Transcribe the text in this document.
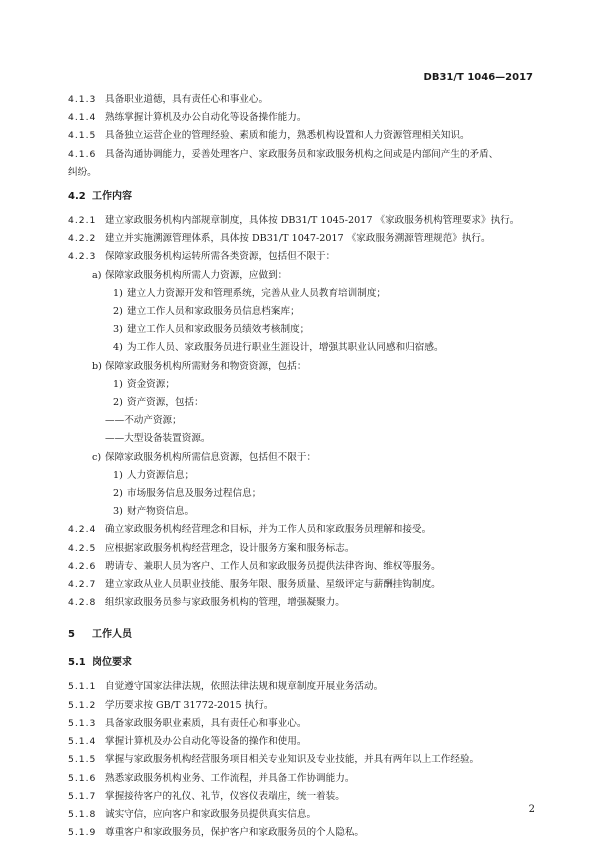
DB31/T 1046—2017
4.1.3 具备职业道德，具有责任心和事业心。
4.1.4 熟练掌握计算机及办公自动化等设备操作能力。
4.1.5 具备独立运营企业的管理经验、素质和能力，熟悉机构设置和人力资源管理相关知识。
4.1.6 具备沟通协调能力，妥善处理客户、家政服务员和家政服务机构之间或是内部间产生的矛盾、
纠纷。
4.2 工作内容
4.2.1 建立家政服务机构内部规章制度，具体按 DB31/T 1045-2017 《家政服务机构管理要求》执行。
4.2.2 建立并实施溯源管理体系，具体按 DB31/T 1047-2017 《家政服务溯源管理规范》执行。
4.2.3 保障家政服务机构运转所需各类资源，包括但不限于：
a) 保障家政服务机构所需人力资源，应做到：
1) 建立人力资源开发和管理系统，完善从业人员教育培训制度；
2) 建立工作人员和家政服务员信息档案库；
3) 建立工作人员和家政服务员绩效考核制度；
4) 为工作人员、家政服务员进行职业生涯设计，增强其职业认同感和归宿感。
b) 保障家政服务机构所需财务和物资资源，包括：
1) 资金资源；
2) 资产资源，包括：
——不动产资源；
——大型设备装置资源。
c) 保障家政服务机构所需信息资源，包括但不限于：
1) 人力资源信息；
2) 市场服务信息及服务过程信息；
3) 财产物资信息。
4.2.4 确立家政服务机构经营理念和目标，并为工作人员和家政服务员理解和接受。
4.2.5 应根据家政服务机构经营理念，设计服务方案和服务标志。
4.2.6 聘请专、兼职人员为客户、工作人员和家政服务员提供法律咨询、维权等服务。
4.2.7 建立家政从业人员职业技能、服务年限、服务质量、星级评定与薪酬挂钩制度。
4.2.8 组织家政服务员参与家政服务机构的管理，增强凝聚力。
5 工作人员
5.1 岗位要求
5.1.1 自觉遵守国家法律法规，依照法律法规和规章制度开展业务活动。
5.1.2 学历要求按 GB/T 31772-2015 执行。
5.1.3 具备家政服务职业素质，具有责任心和事业心。
5.1.4 掌握计算机及办公自动化等设备的操作和使用。
5.1.5 掌握与家政服务机构经营服务项目相关专业知识及专业技能，并具有两年以上工作经验。
5.1.6 熟悉家政服务机构业务、工作流程，并具备工作协调能力。
5.1.7 掌握接待客户的礼仪、礼节，仪容仪表端庄，统一着装。
5.1.8 诚实守信，应向客户和家政服务员提供真实信息。
5.1.9 尊重客户和家政服务员，保护客户和家政服务员的个人隐私。
2
